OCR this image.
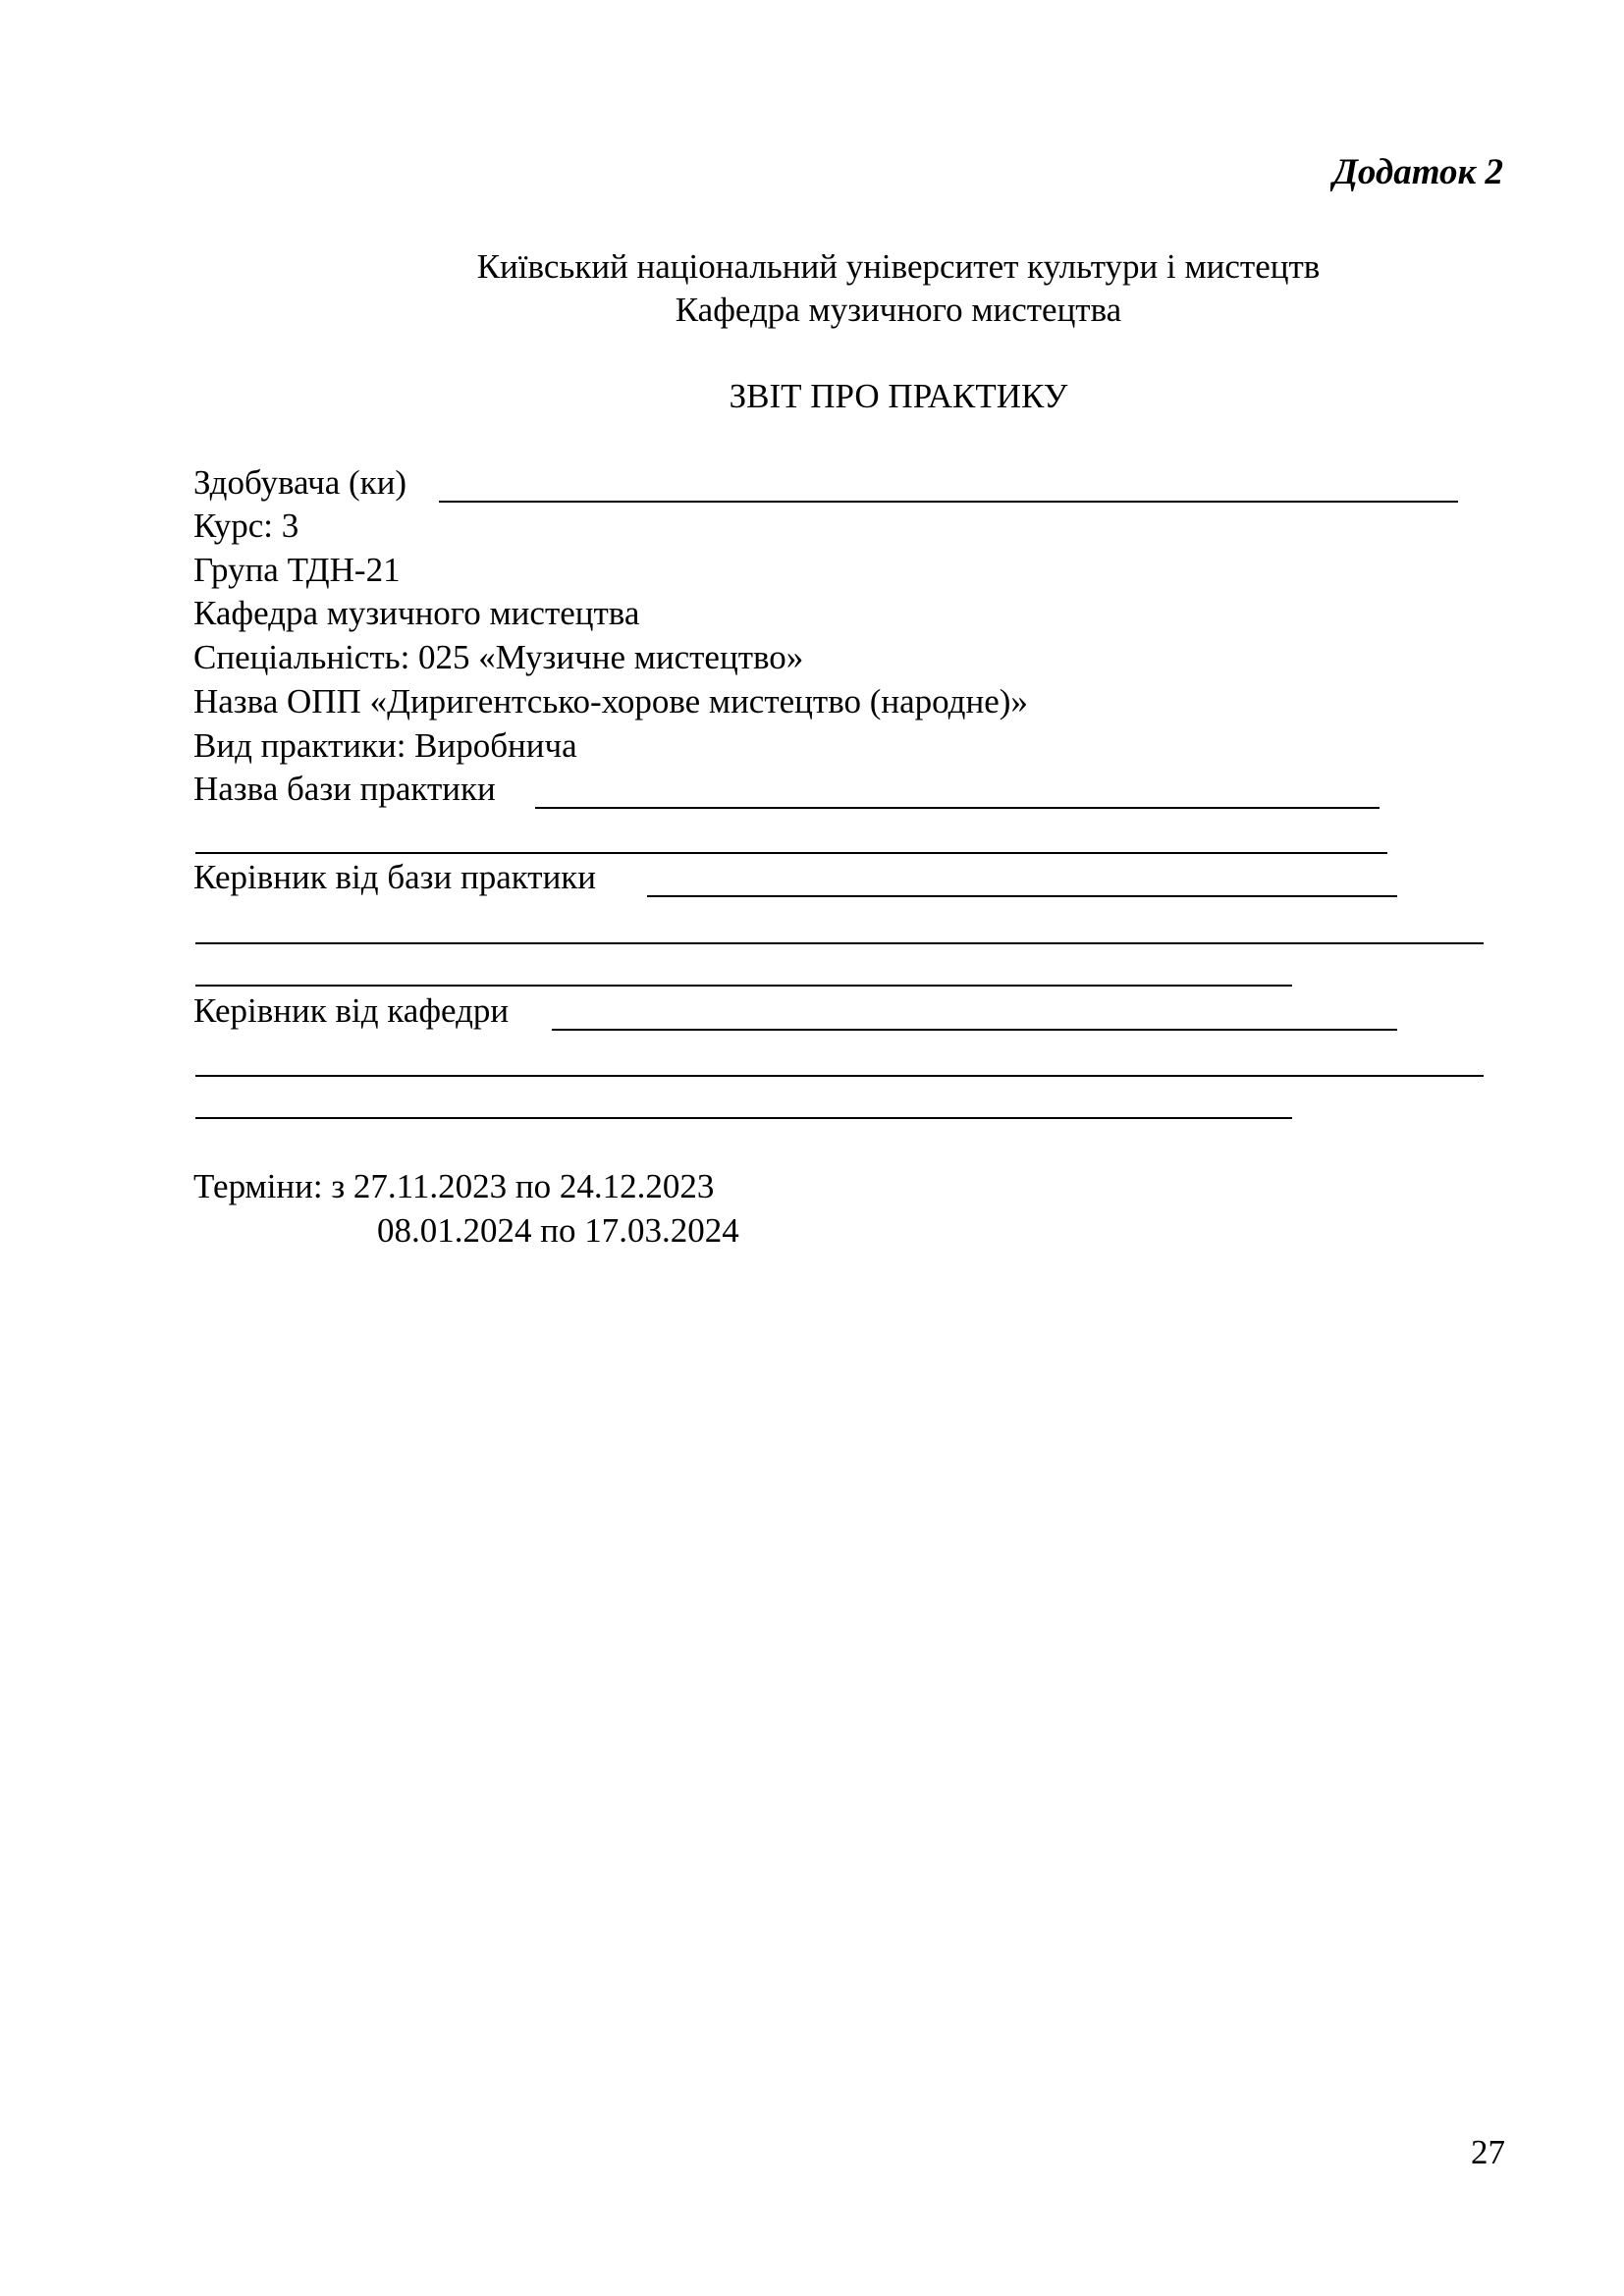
Додаток 2
Київський національний університет культури і мистецтв
Кафедра музичного мистецтва
ЗВІТ ПРО ПРАКТИКУ
Здобувача (ки)
Курс: 3
Група ТДН-21
Кафедра музичного мистецтва
Спеціальність: 025 «Музичне мистецтво»
Назва ОПП «Диригентсько-хорове мистецтво (народне)»
Вид практики: Виробнича
Назва бази практики
Керівник від бази практики
Керівник від кафедри
Терміни: з 27.11.2023 по 24.12.2023
08.01.2024 по 17.03.2024
27
